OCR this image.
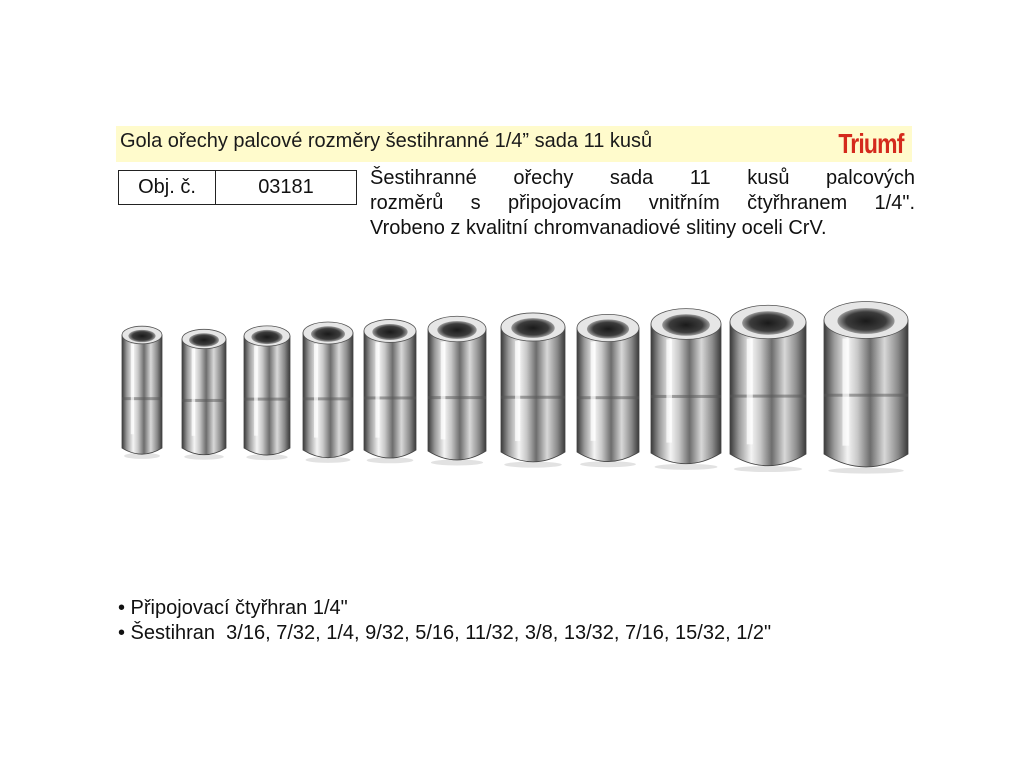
Gola ořechy palcové rozměry šestihranné 1/4” sada 11 kusů	Triumf
Obj. č.	03181	Šestihranné ořechy sada 11 kusů palcových

rozměrů s připojovacím vnitřním čtyřhranem 1/4".

Vrobeno z kvalitní chromvanadiové slitiny oceli CrV.

• Připojovací čtyřhran 1/4"
• Šestihran  3/16, 7/32, 1/4, 9/32, 5/16, 11/32, 3/8, 13/32, 7/16, 15/32, 1/2"
